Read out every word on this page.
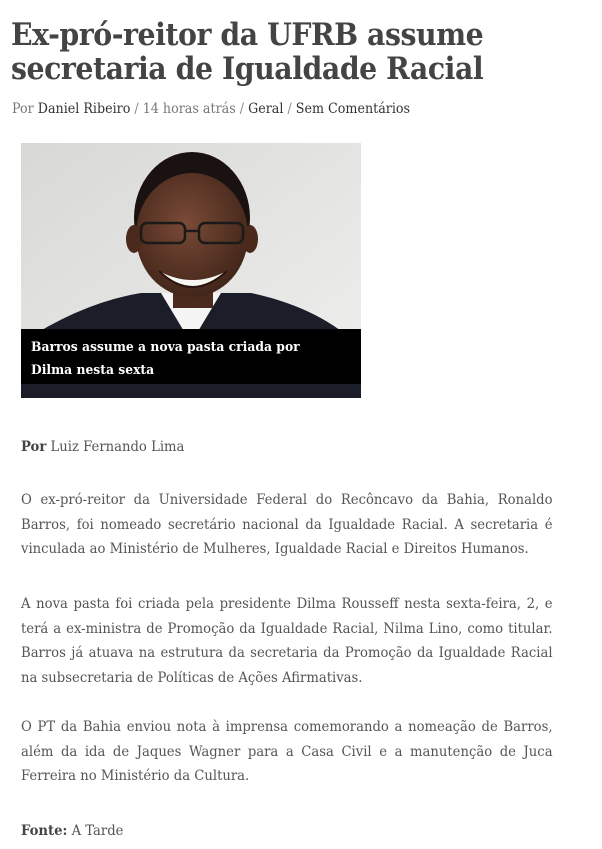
Ex-pró-reitor da UFRB assume
secretaria de Igualdade Racial
Por Daniel Ribeiro / 14 horas atrás / Geral / Sem Comentários
Barros assume a nova pasta criada por Dilma nesta sexta

Por Luiz Fernando Lima

O ex-pró-reitor da Universidade Federal do Recôncavo da Bahia, Ronaldo Barros, foi nomeado secretário nacional da Igualdade Racial. A secretaria é vinculada ao Ministério de Mulheres, Igualdade Racial e Direitos Humanos.

A nova pasta foi criada pela presidente Dilma Rousseff nesta sexta-feira, 2, e terá a ex-ministra de Promoção da Igualdade Racial, Nilma Lino, como titular. Barros já atuava na estrutura da secretaria da Promoção da Igualdade Racial na subsecretaria de Políticas de Ações Afirmativas.

O PT da Bahia enviou nota à imprensa comemorando a nomeação de Barros, além da ida de Jaques Wagner para a Casa Civil e a manutenção de Juca Ferreira no Ministério da Cultura.

Fonte: A Tarde
